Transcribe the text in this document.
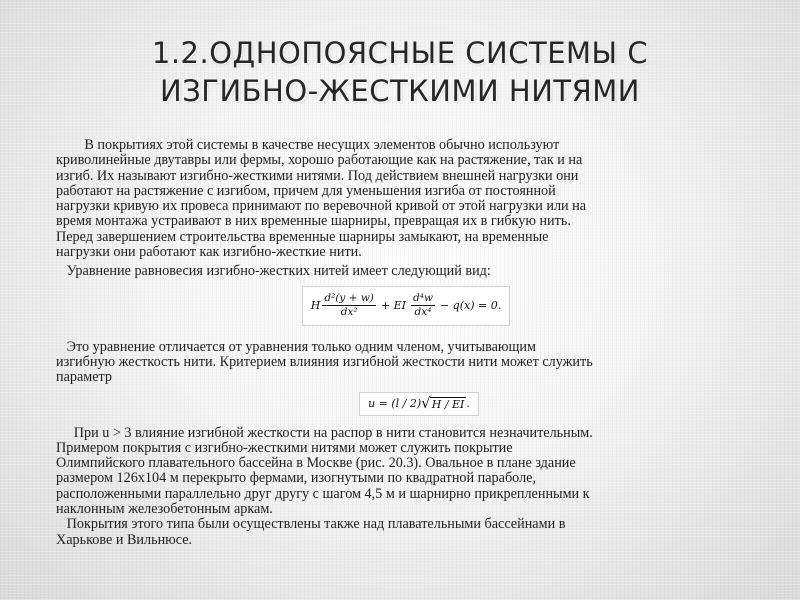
1.2.ОДНОПОЯСНЫЕ СИСТЕМЫ С
ИЗГИБНО-ЖЕСТКИМИ НИТЯМИ
В покрытиях этой системы в качестве несущих элементов обычно используют
криволинейные двутавры или фермы, хорошо работающие как на растяжение, так и на
изгиб. Их называют изгибно-жесткими нитями. Под действием внешней нагрузки они
работают на растяжение с изгибом, причем для уменьшения изгиба от постоянной
нагрузки кривую их провеса принимают по веревочной кривой от этой нагрузки или на
время монтажа устраивают в них временные шарниры, превращая их в гибкую нить.
Перед завершением строительства временные шарниры замыкают, на временные
нагрузки они работают как изгибно-жесткие нити.
Уравнение равновесия изгибно-жестких нитей имеет следующий вид:
H $\frac{\text{d²(y + w)}}{\text{dx²}}$ + EI $\frac{\text{d⁴w}}{\text{dx⁴}} - q(x) = 0$.
Это уравнение отличается от уравнения только одним членом, учитывающим
изгибную жесткость нити. Критерием влияния изгибной жесткости нити может служить
параметр
u = (l / 2) √ H / EI .
При u > 3 влияние изгибной жесткости на распор в нити становится незначительным.
Примером покрытия с изгибно-жесткими нитями может служить покрытие
Олимпийского плавательного бассейна в Москве (рис. 20.3). Овальное в плане здание
размером 126х104 м перекрыто фермами, изогнутыми по квадратной параболе,
расположенными параллельно друг другу с шагом 4,5 м и шарнирно прикрепленными к
наклонным железобетонным аркам.
Покрытия этого типа были осуществлены также над плавательными бассейнами в
Харькове и Вильнюсе.
